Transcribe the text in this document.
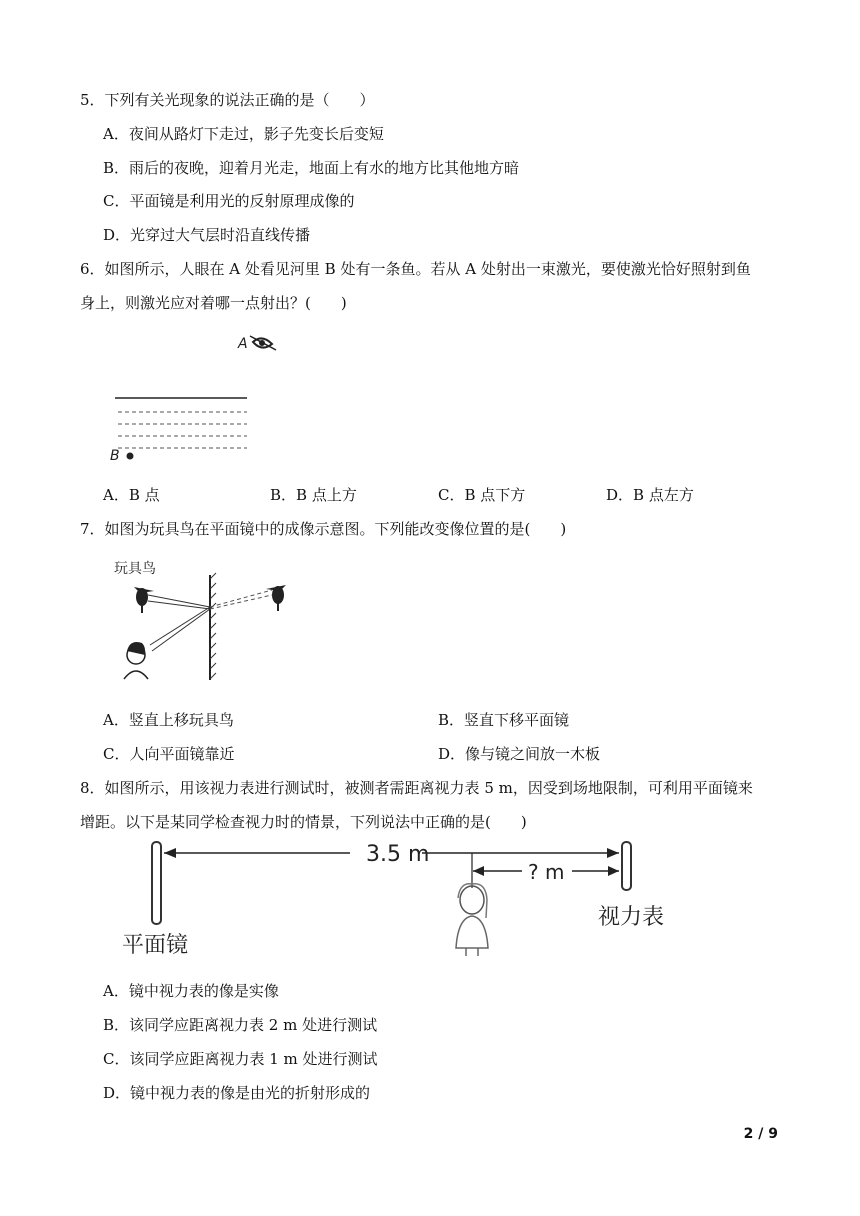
5．下列有关光现象的说法正确的是（　　）
A．夜间从路灯下走过，影子先变长后变短
B．雨后的夜晚，迎着月光走，地面上有水的地方比其他地方暗
C．平面镜是利用光的反射原理成像的
D．光穿过大气层时沿直线传播
6．如图所示，人眼在 A 处看见河里 B 处有一条鱼。若从 A 处射出一束激光，要使激光恰好照射到鱼
身上，则激光应对着哪一点射出？(　　)
A
B
A．B 点	B．B 点上方	C．B 点下方	D．B 点左方
7．如图为玩具鸟在平面镜中的成像示意图。下列能改变像位置的是(　　)
玩具鸟
A．竖直上移玩具鸟	B．竖直下移平面镜
C．人向平面镜靠近	D．像与镜之间放一木板
8．如图所示，用该视力表进行测试时，被测者需距离视力表 5 m，因受到场地限制，可利用平面镜来
增距。以下是某同学检查视力时的情景，下列说法中正确的是(　　)
3.5 m
? m
视力表
平面镜
A．镜中视力表的像是实像
B．该同学应距离视力表 2 m 处进行测试
C．该同学应距离视力表 1 m 处进行测试
D．镜中视力表的像是由光的折射形成的
2 / 9
